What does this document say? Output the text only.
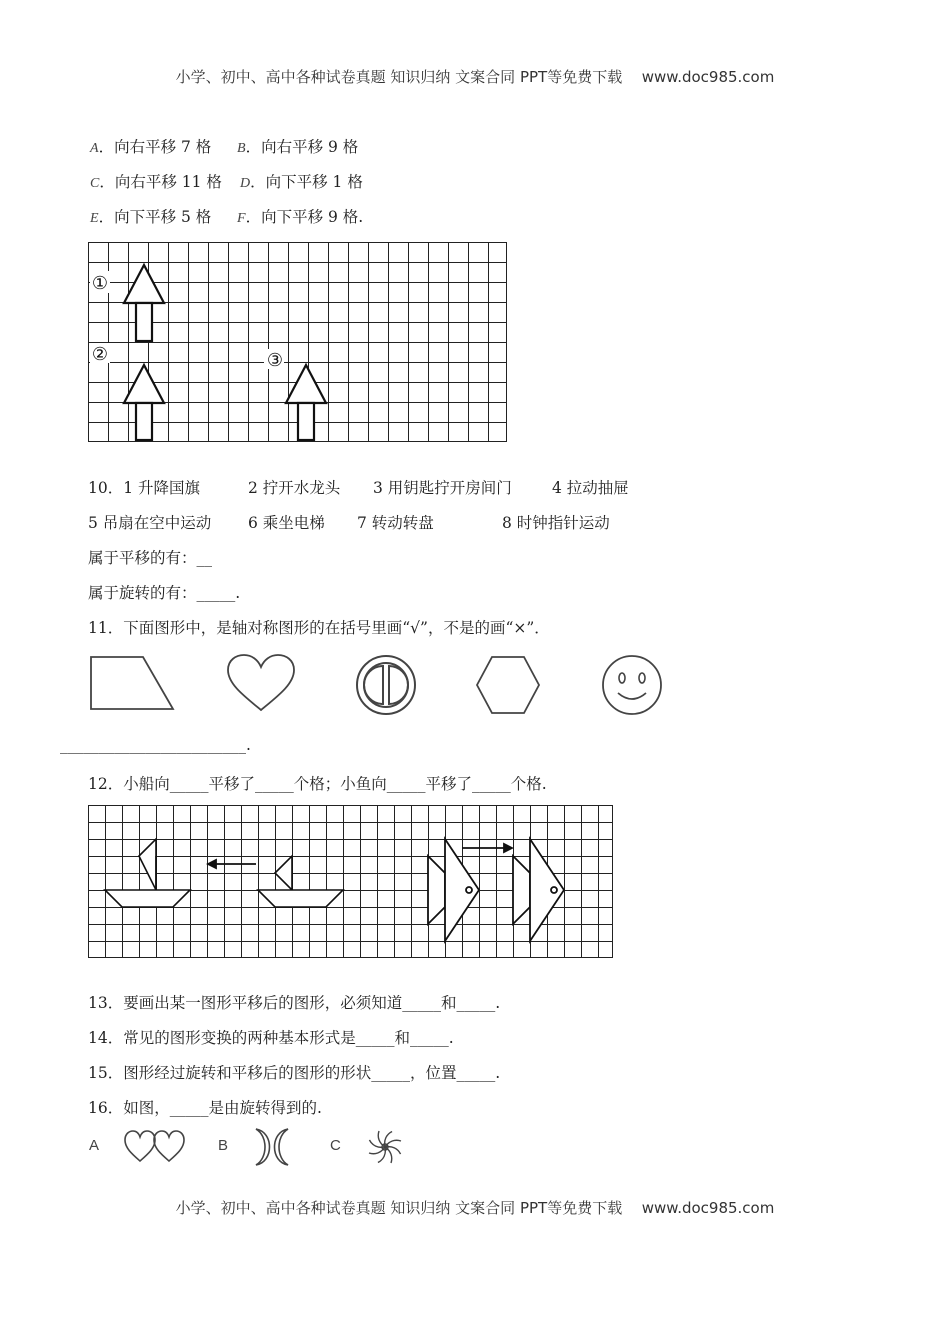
小学、初中、高中各种试卷真题 知识归纳 文案合同 PPT等免费下载 www.doc985.com
A．向右平移 7 格 B．向右平移 9 格
C．向右平移 11 格 D．向下平移 1 格
E．向下平移 5 格 F．向下平移 9 格.
①
②	③
10．1 升降国旗	2 拧开水龙头 3 用钥匙拧开房间门	4 拉动抽屉
5 吊扇在空中运动 6 乘坐电梯 7 转动转盘	8 时钟指针运动
属于平移的有：__
属于旋转的有：_____.
11．下面图形中，是轴对称图形的在括号里画“√”，不是的画“×”．
________________________.
12．小船向_____平移了_____个格；小鱼向_____平移了_____个格.
13．要画出某一图形平移后的图形，必须知道_____和_____.
14．常见的图形变换的两种基本形式是_____和_____.
15．图形经过旋转和平移后的图形的形状_____，位置_____.
16．如图，_____是由旋转得到的.
A	B	C
小学、初中、高中各种试卷真题 知识归纳 文案合同 PPT等免费下载 www.doc985.com
